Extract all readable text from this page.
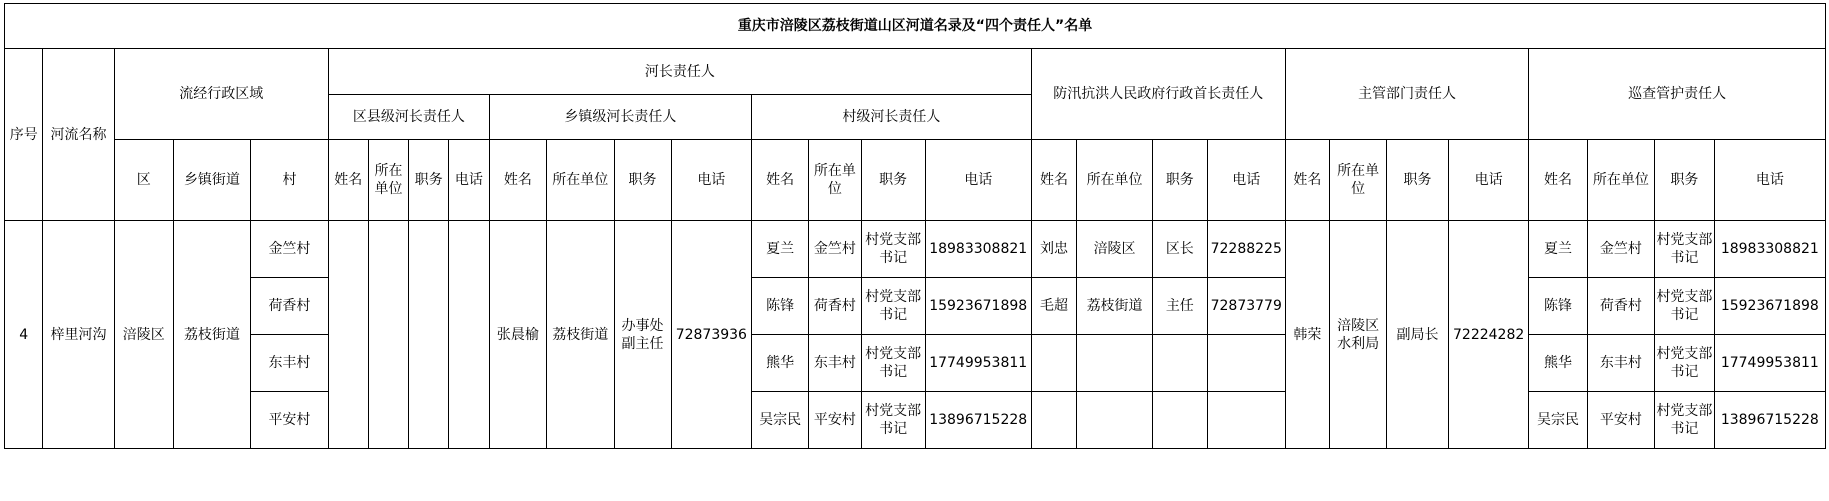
重庆市涪陵区荔枝街道山区河道名录及“四个责任人”名单																												
序号	河流名称	流经行政区域			河长责任人												防汛抗洪人民政府行政首长责任人				主管部门责任人				巡查管护责任人			
					区县级河长责任人				乡镇级河长责任人				村级河长责任人															
		区	乡镇街道	村	姓名	所在单位	职务	电话	姓名	所在单位	职务	电话	姓名	所在单位	职务	电话	姓名	所在单位	职务	电话	姓名	所在单位	职务	电话	姓名	所在单位	职务	电话
4	梓里河沟	涪陵区	荔枝街道	金竺村					张晨榆	荔枝街道	办事处副主任	72873936	夏兰	金竺村	村党支部书记	18983308821	刘忠	涪陵区	区长	72288225	韩荣	涪陵区水利局	副局长	72224282	夏兰	金竺村	村党支部书记	18983308821
				荷香村									陈锋	荷香村	村党支部书记	15923671898	毛超	荔枝街道	主任	72873779					陈锋	荷香村	村党支部书记	15923671898
				东丰村									熊华	东丰村	村党支部书记	17749953811									熊华	东丰村	村党支部书记	17749953811
				平安村									吴宗民	平安村	村党支部书记	13896715228									吴宗民	平安村	村党支部书记	13896715228
